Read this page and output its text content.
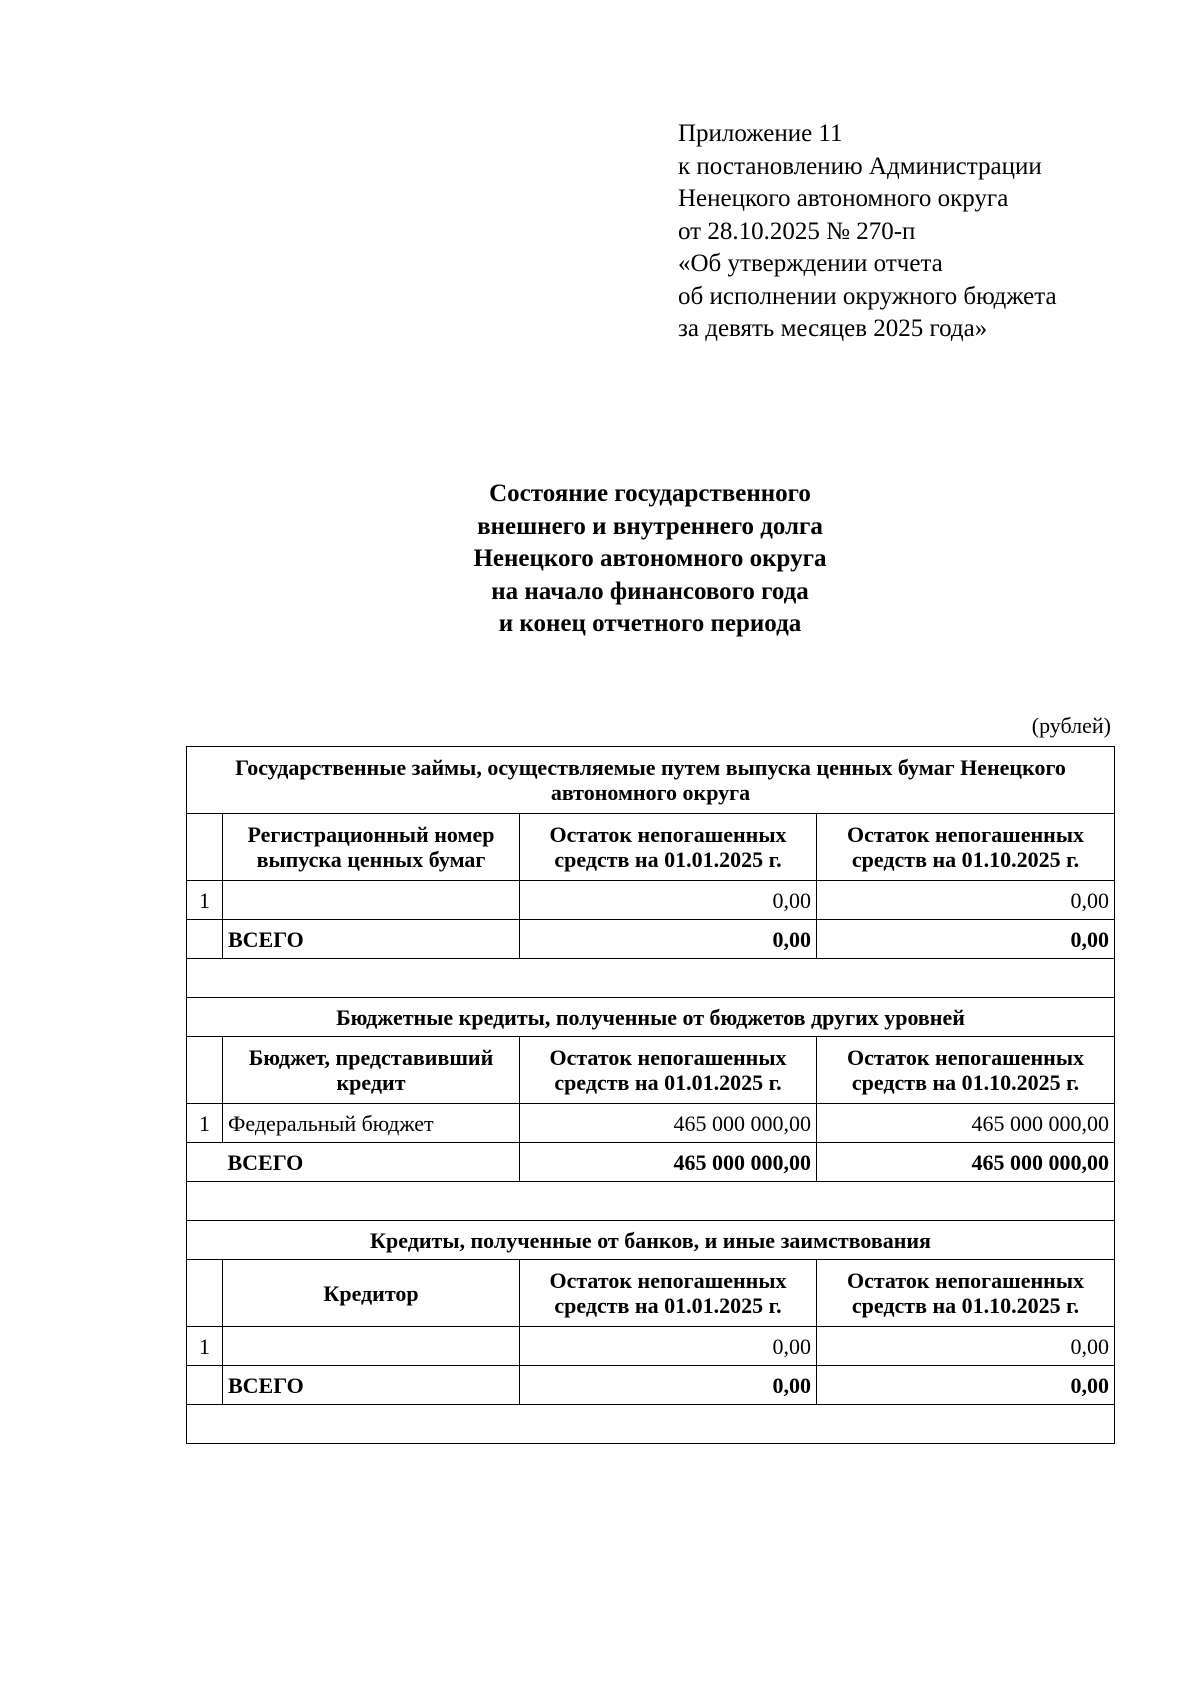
Приложение 11
к постановлению Администрации
Ненецкого автономного округа
от 28.10.2025 № 270-п
«Об утверждении отчета
об исполнении окружного бюджета
за девять месяцев 2025 года»
Состояние государственного
внешнего и внутреннего долга
Ненецкого автономного округа
на начало финансового года
и конец отчетного периода
(рублей)
Государственные займы, осуществляемые путем выпуска ценных бумаг Ненецкого автономного округа			
	Регистрационный номер выпуска ценных бумаг	Остаток непогашенных средств на 01.01.2025 г.	Остаток непогашенных средств на 01.10.2025 г.
1		0,00	0,00
	ВСЕГО	0,00	0,00

Бюджетные кредиты, полученные от бюджетов других уровней			
	Бюджет, представивший кредит	Остаток непогашенных средств на 01.01.2025 г.	Остаток непогашенных средств на 01.10.2025 г.
1	Федеральный бюджет	465 000 000,00	465 000 000,00
	ВСЕГО	465 000 000,00	465 000 000,00

Кредиты, полученные от банков, и иные заимствования			
	Кредитор	Остаток непогашенных средств на 01.01.2025 г.	Остаток непогашенных средств на 01.10.2025 г.
1		0,00	0,00
	ВСЕГО	0,00	0,00
